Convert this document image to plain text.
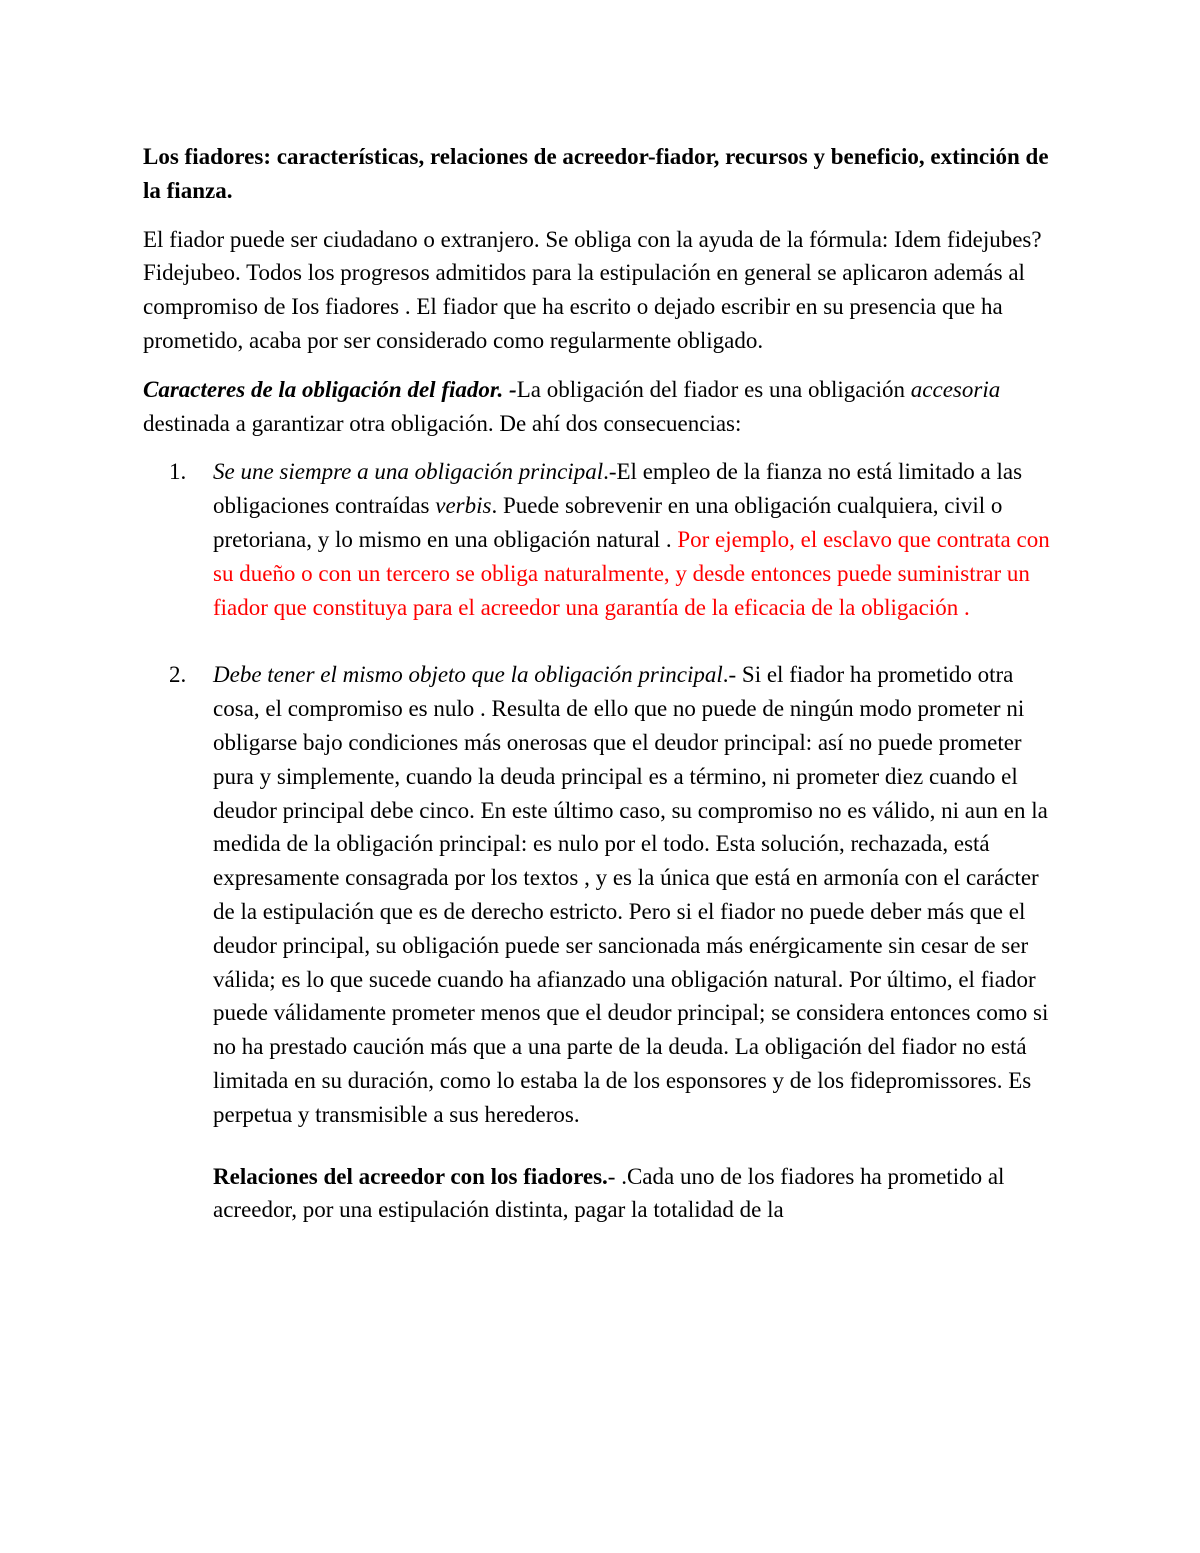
Los fiadores: características, relaciones de acreedor-fiador, recursos y beneficio, extinción de la fianza.

El fiador puede ser ciudadano o extranjero. Se obliga con la ayuda de la fórmula: Idem fidejubes? Fidejubeo. Todos los progresos admitidos para la estipulación en general se aplicaron además al compromiso de Ios fiadores . El fiador que ha escrito o dejado escribir en su presencia que ha prometido, acaba por ser considerado como regularmente obligado.

Caracteres de la obligación del fiador. -La obligación del fiador es una obligación accesoria destinada a garantizar otra obligación. De ahí dos consecuencias:

1. Se une siempre a una obligación principal.-El empleo de la fianza no está limitado a las obligaciones contraídas verbis. Puede sobrevenir en una obligación cualquiera, civil o pretoriana, y lo mismo en una obligación natural . Por ejemplo, el esclavo que contrata con su dueño o con un tercero se obliga naturalmente, y desde entonces puede suministrar un fiador que constituya para el acreedor una garantía de la eficacia de la obligación .
2. Debe tener el mismo objeto que la obligación principal.- Si el fiador ha prometido otra cosa, el compromiso es nulo . Resulta de ello que no puede de ningún modo prometer ni obligarse bajo condiciones más onerosas que el deudor principal: así no puede prometer pura y simplemente, cuando la deuda principal es a término, ni prometer diez cuando el deudor principal debe cinco. En este último caso, su compromiso no es válido, ni aun en la medida de la obligación principal: es nulo por el todo. Esta solución, rechazada, está expresamente consagrada por los textos , y es la única que está en armonía con el carácter de la estipulación que es de derecho estricto. Pero si el fiador no puede deber más que el deudor principal, su obligación puede ser sancionada más enérgicamente sin cesar de ser válida; es lo que sucede cuando ha afianzado una obligación natural. Por último, el fiador puede válidamente prometer menos que el deudor principal; se considera entonces como si no ha prestado caución más que a una parte de la deuda. La obligación del fiador no está limitada en su duración, como lo estaba la de los esponsores y de los fidepromissores. Es perpetua y transmisible a sus herederos.

Relaciones del acreedor con los fiadores.- .Cada uno de los fiadores ha prometido al acreedor, por una estipulación distinta, pagar la totalidad de la
